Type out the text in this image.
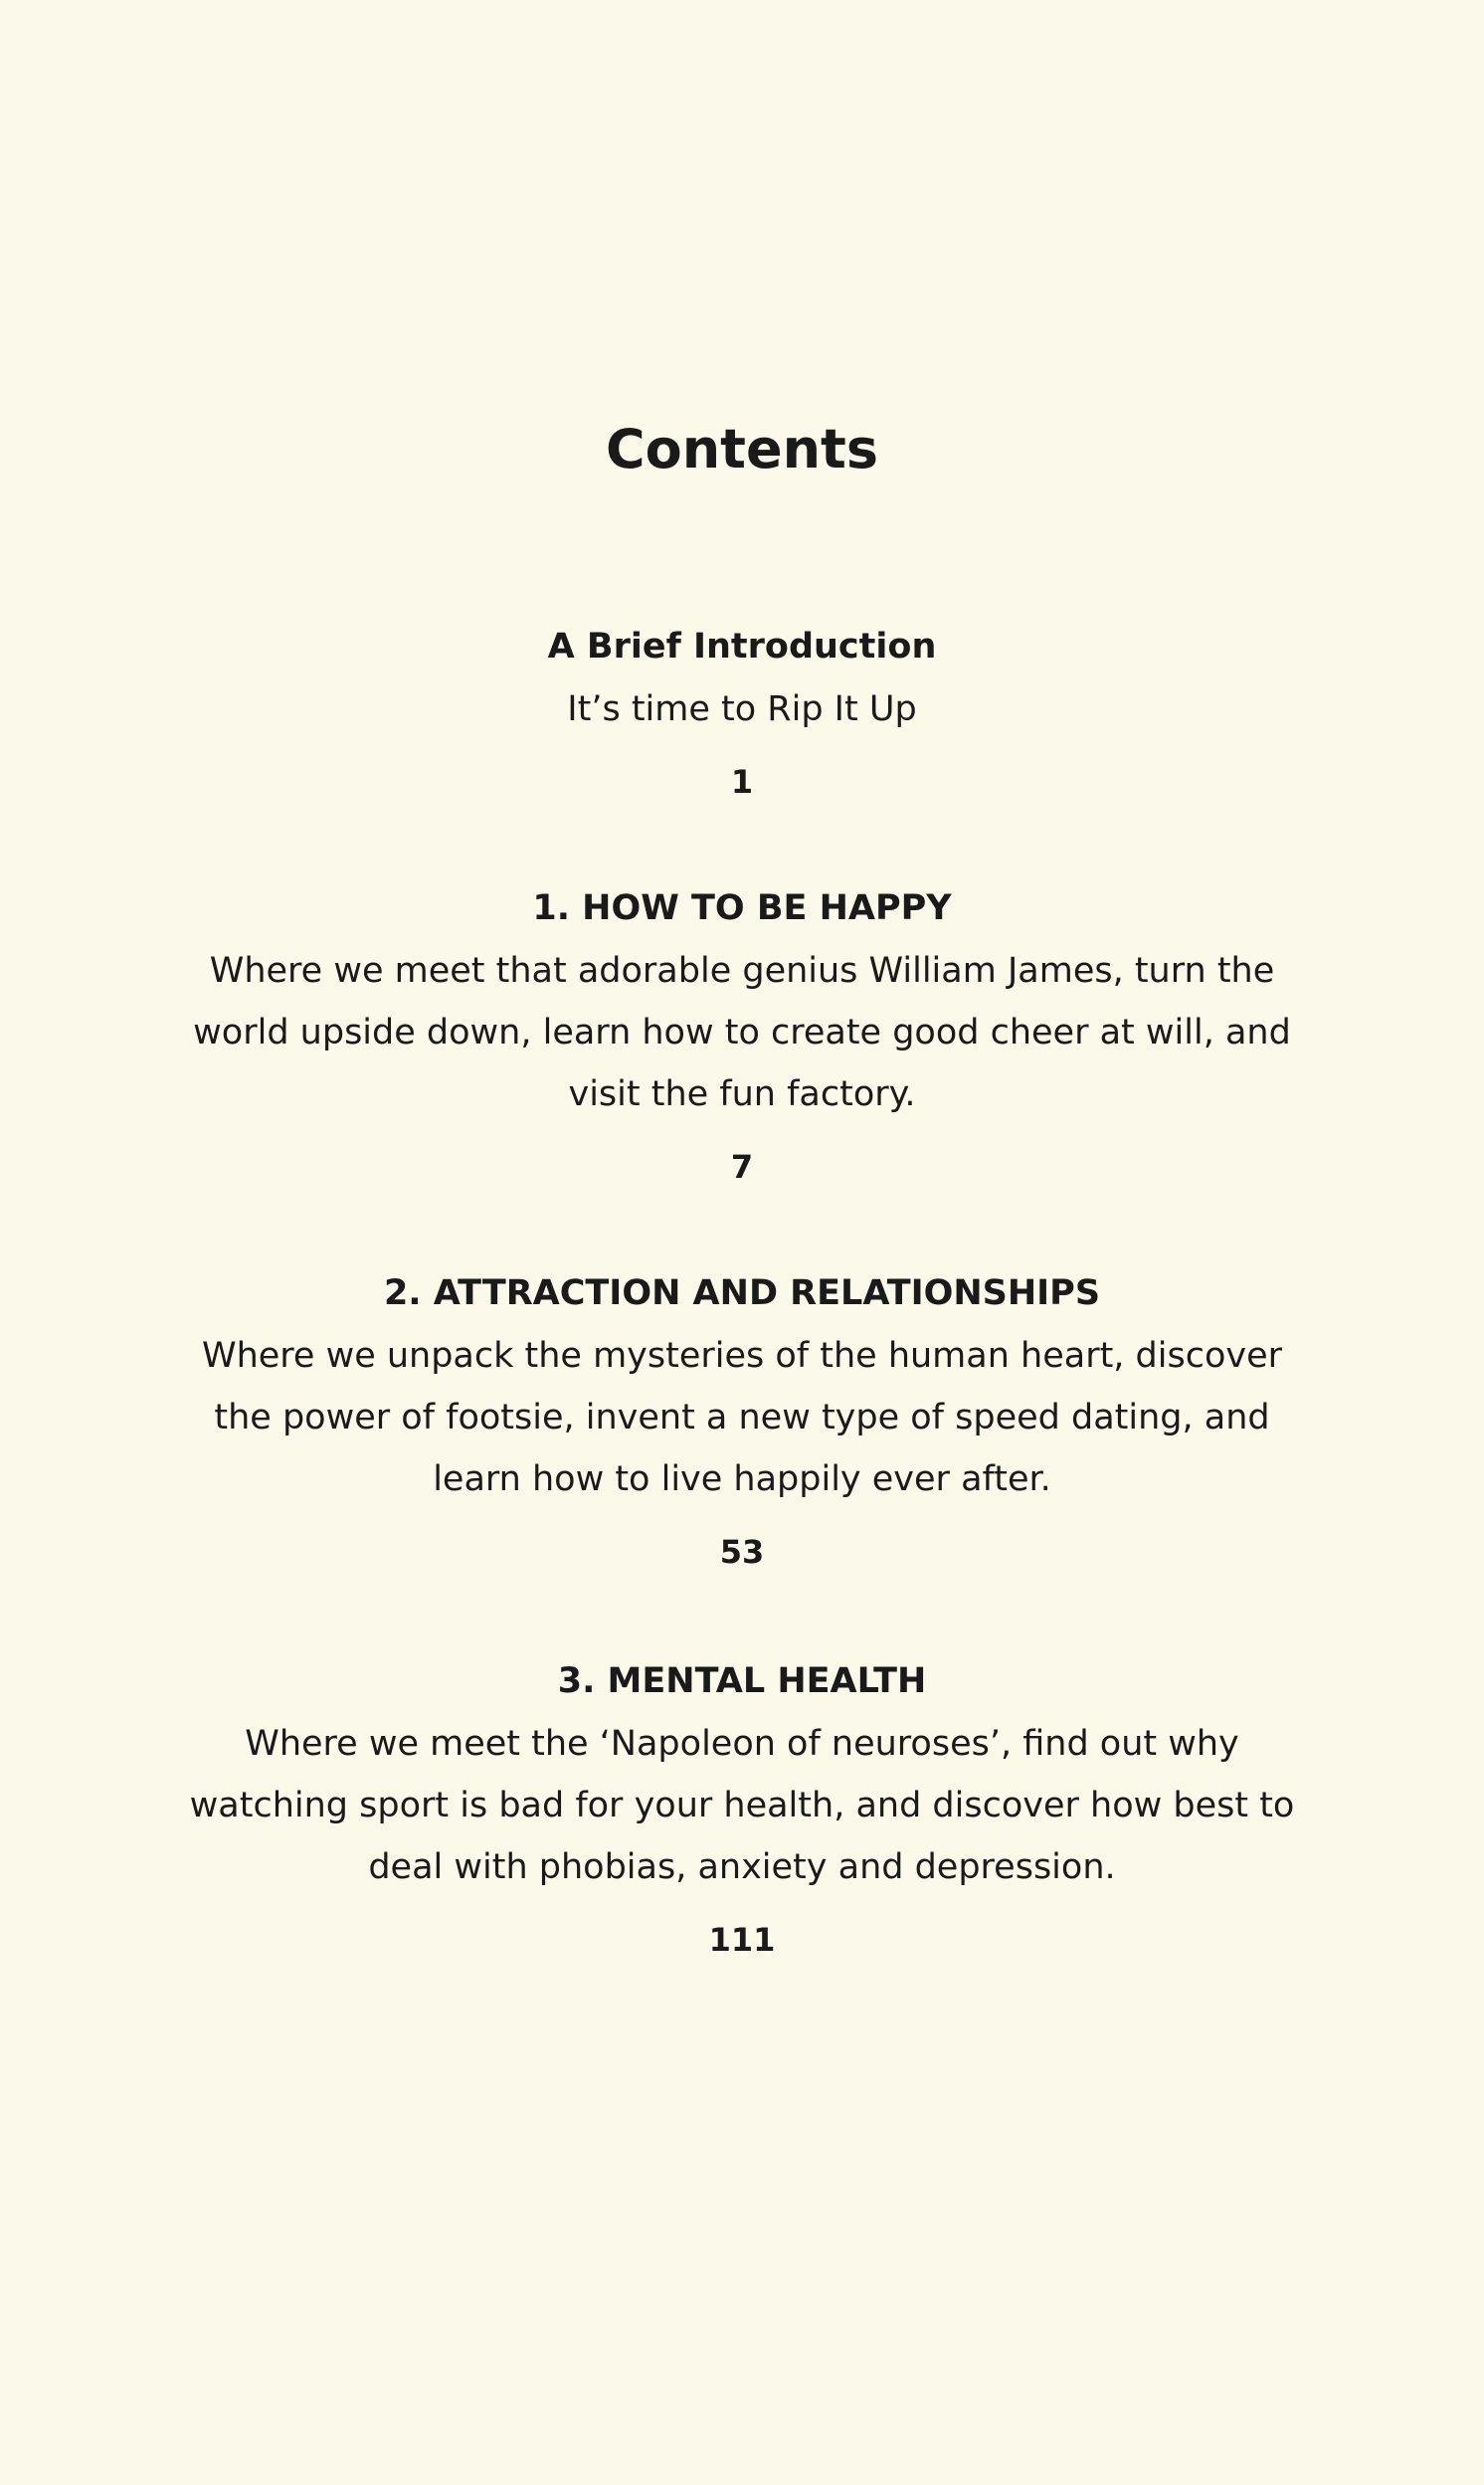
Contents
A Brief Introduction
It’s time to Rip It Up
1
1. HOW TO BE HAPPY
Where we meet that adorable genius William James, turn the world upside down, learn how to create good cheer at will, and visit the fun factory.
7
2. ATTRACTION AND RELATIONSHIPS
Where we unpack the mysteries of the human heart, discover the power of footsie, invent a new type of speed dating, and learn how to live happily ever after.
53
3. MENTAL HEALTH
Where we meet the ‘Napoleon of neuroses’, find out why watching sport is bad for your health, and discover how best to deal with phobias, anxiety and depression.
111
